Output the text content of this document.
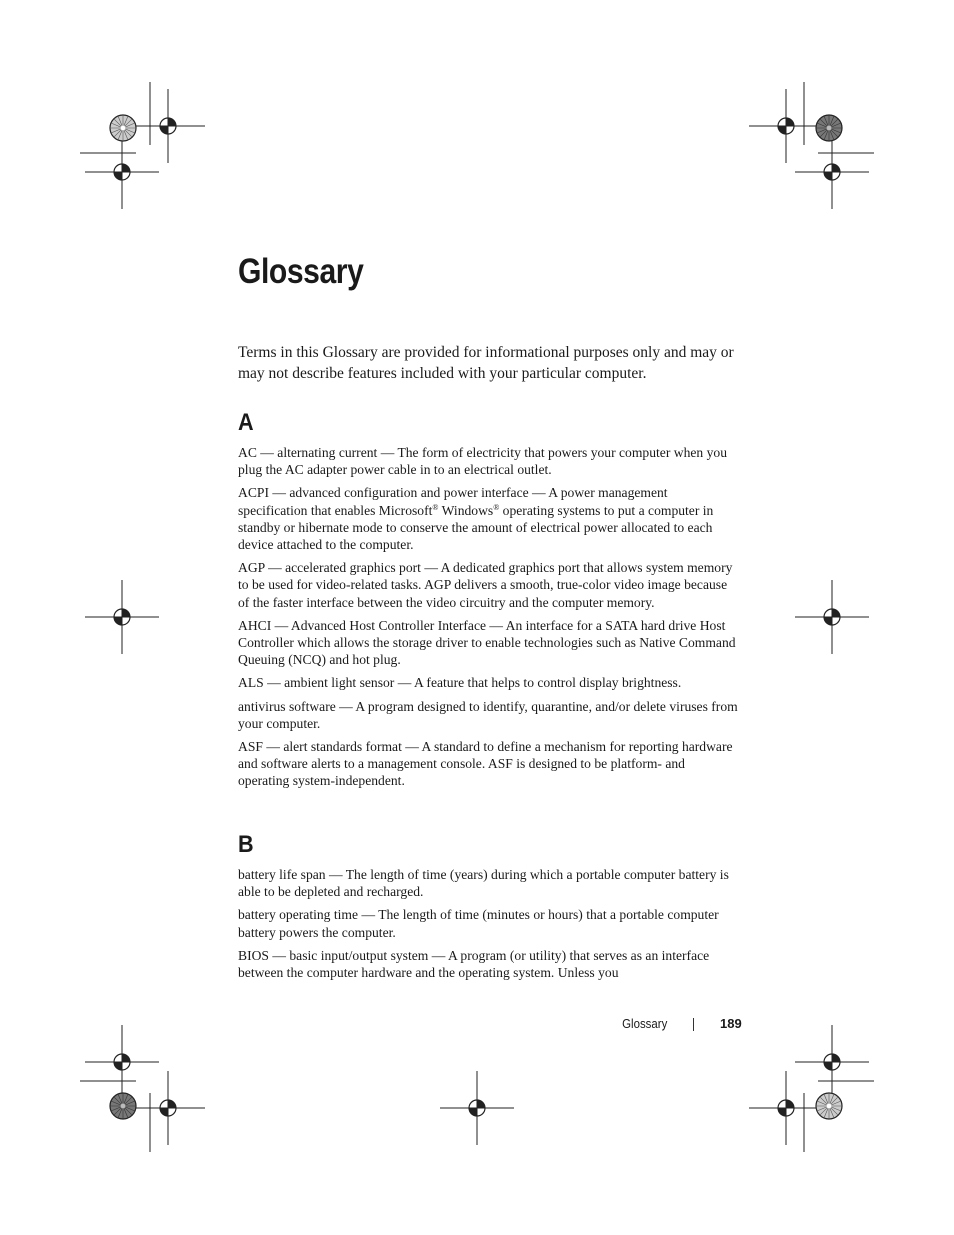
Glossary

Terms in this Glossary are provided for informational purposes only and may or may not describe features included with your particular computer.

A

AC — alternating current — The form of electricity that powers your computer when you plug the AC adapter power cable in to an electrical outlet.

ACPI — advanced configuration and power interface — A power management specification that enables Microsoft® Windows® operating systems to put a computer in standby or hibernate mode to conserve the amount of electrical power allocated to each device attached to the computer.

AGP — accelerated graphics port — A dedicated graphics port that allows system memory to be used for video-related tasks. AGP delivers a smooth, true-color video image because of the faster interface between the video circuitry and the computer memory.

AHCI — Advanced Host Controller Interface — An interface for a SATA hard drive Host Controller which allows the storage driver to enable technologies such as Native Command Queuing (NCQ) and hot plug.

ALS — ambient light sensor — A feature that helps to control display brightness.

antivirus software — A program designed to identify, quarantine, and/or delete viruses from your computer.

ASF — alert standards format — A standard to define a mechanism for reporting hardware and software alerts to a management console. ASF is designed to be platform- and operating system-independent.

B

battery life span — The length of time (years) during which a portable computer battery is able to be depleted and recharged.

battery operating time — The length of time (minutes or hours) that a portable computer battery powers the computer.

BIOS — basic input/output system — A program (or utility) that serves as an interface between the computer hardware and the operating system. Unless you

Glossary	189
